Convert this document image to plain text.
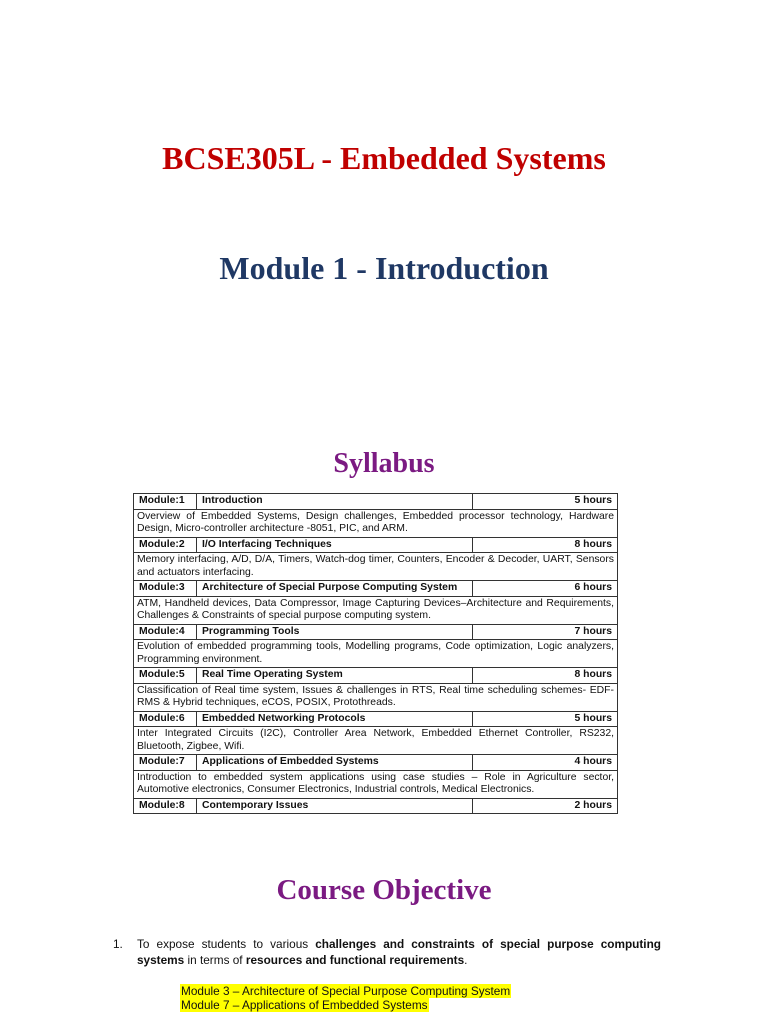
BCSE305L - Embedded Systems
Module 1 - Introduction
Syllabus
Module:1	Introduction	5 hours
Overview of Embedded Systems, Design challenges, Embedded processor technology, Hardware Design, Micro-controller architecture -8051, PIC, and ARM.		
Module:2	I/O Interfacing Techniques	8 hours
Memory interfacing, A/D, D/A, Timers, Watch-dog timer, Counters, Encoder & Decoder, UART, Sensors and actuators interfacing.		
Module:3	Architecture of Special Purpose Computing System	6 hours
ATM, Handheld devices, Data Compressor, Image Capturing Devices–Architecture and Requirements, Challenges & Constraints of special purpose computing system.		
Module:4	Programming Tools	7 hours
Evolution of embedded programming tools, Modelling programs, Code optimization, Logic analyzers, Programming environment.		
Module:5	Real Time Operating System	8 hours
Classification of Real time system, Issues & challenges in RTS, Real time scheduling schemes- EDF-RMS & Hybrid techniques, eCOS, POSIX, Protothreads.		
Module:6	Embedded Networking Protocols	5 hours
Inter Integrated Circuits (I2C), Controller Area Network, Embedded Ethernet Controller, RS232, Bluetooth, Zigbee, Wifi.		
Module:7	Applications of Embedded Systems	4 hours
Introduction to embedded system applications using case studies – Role in Agriculture sector, Automotive electronics, Consumer Electronics, Industrial controls, Medical Electronics.		
Module:8	Contemporary Issues	2 hours
Course Objective
1. To expose students to various challenges and constraints of special purpose computing systems in terms of resources and functional requirements.
Module 3 – Architecture of Special Purpose Computing System
Module 7 – Applications of Embedded Systems
